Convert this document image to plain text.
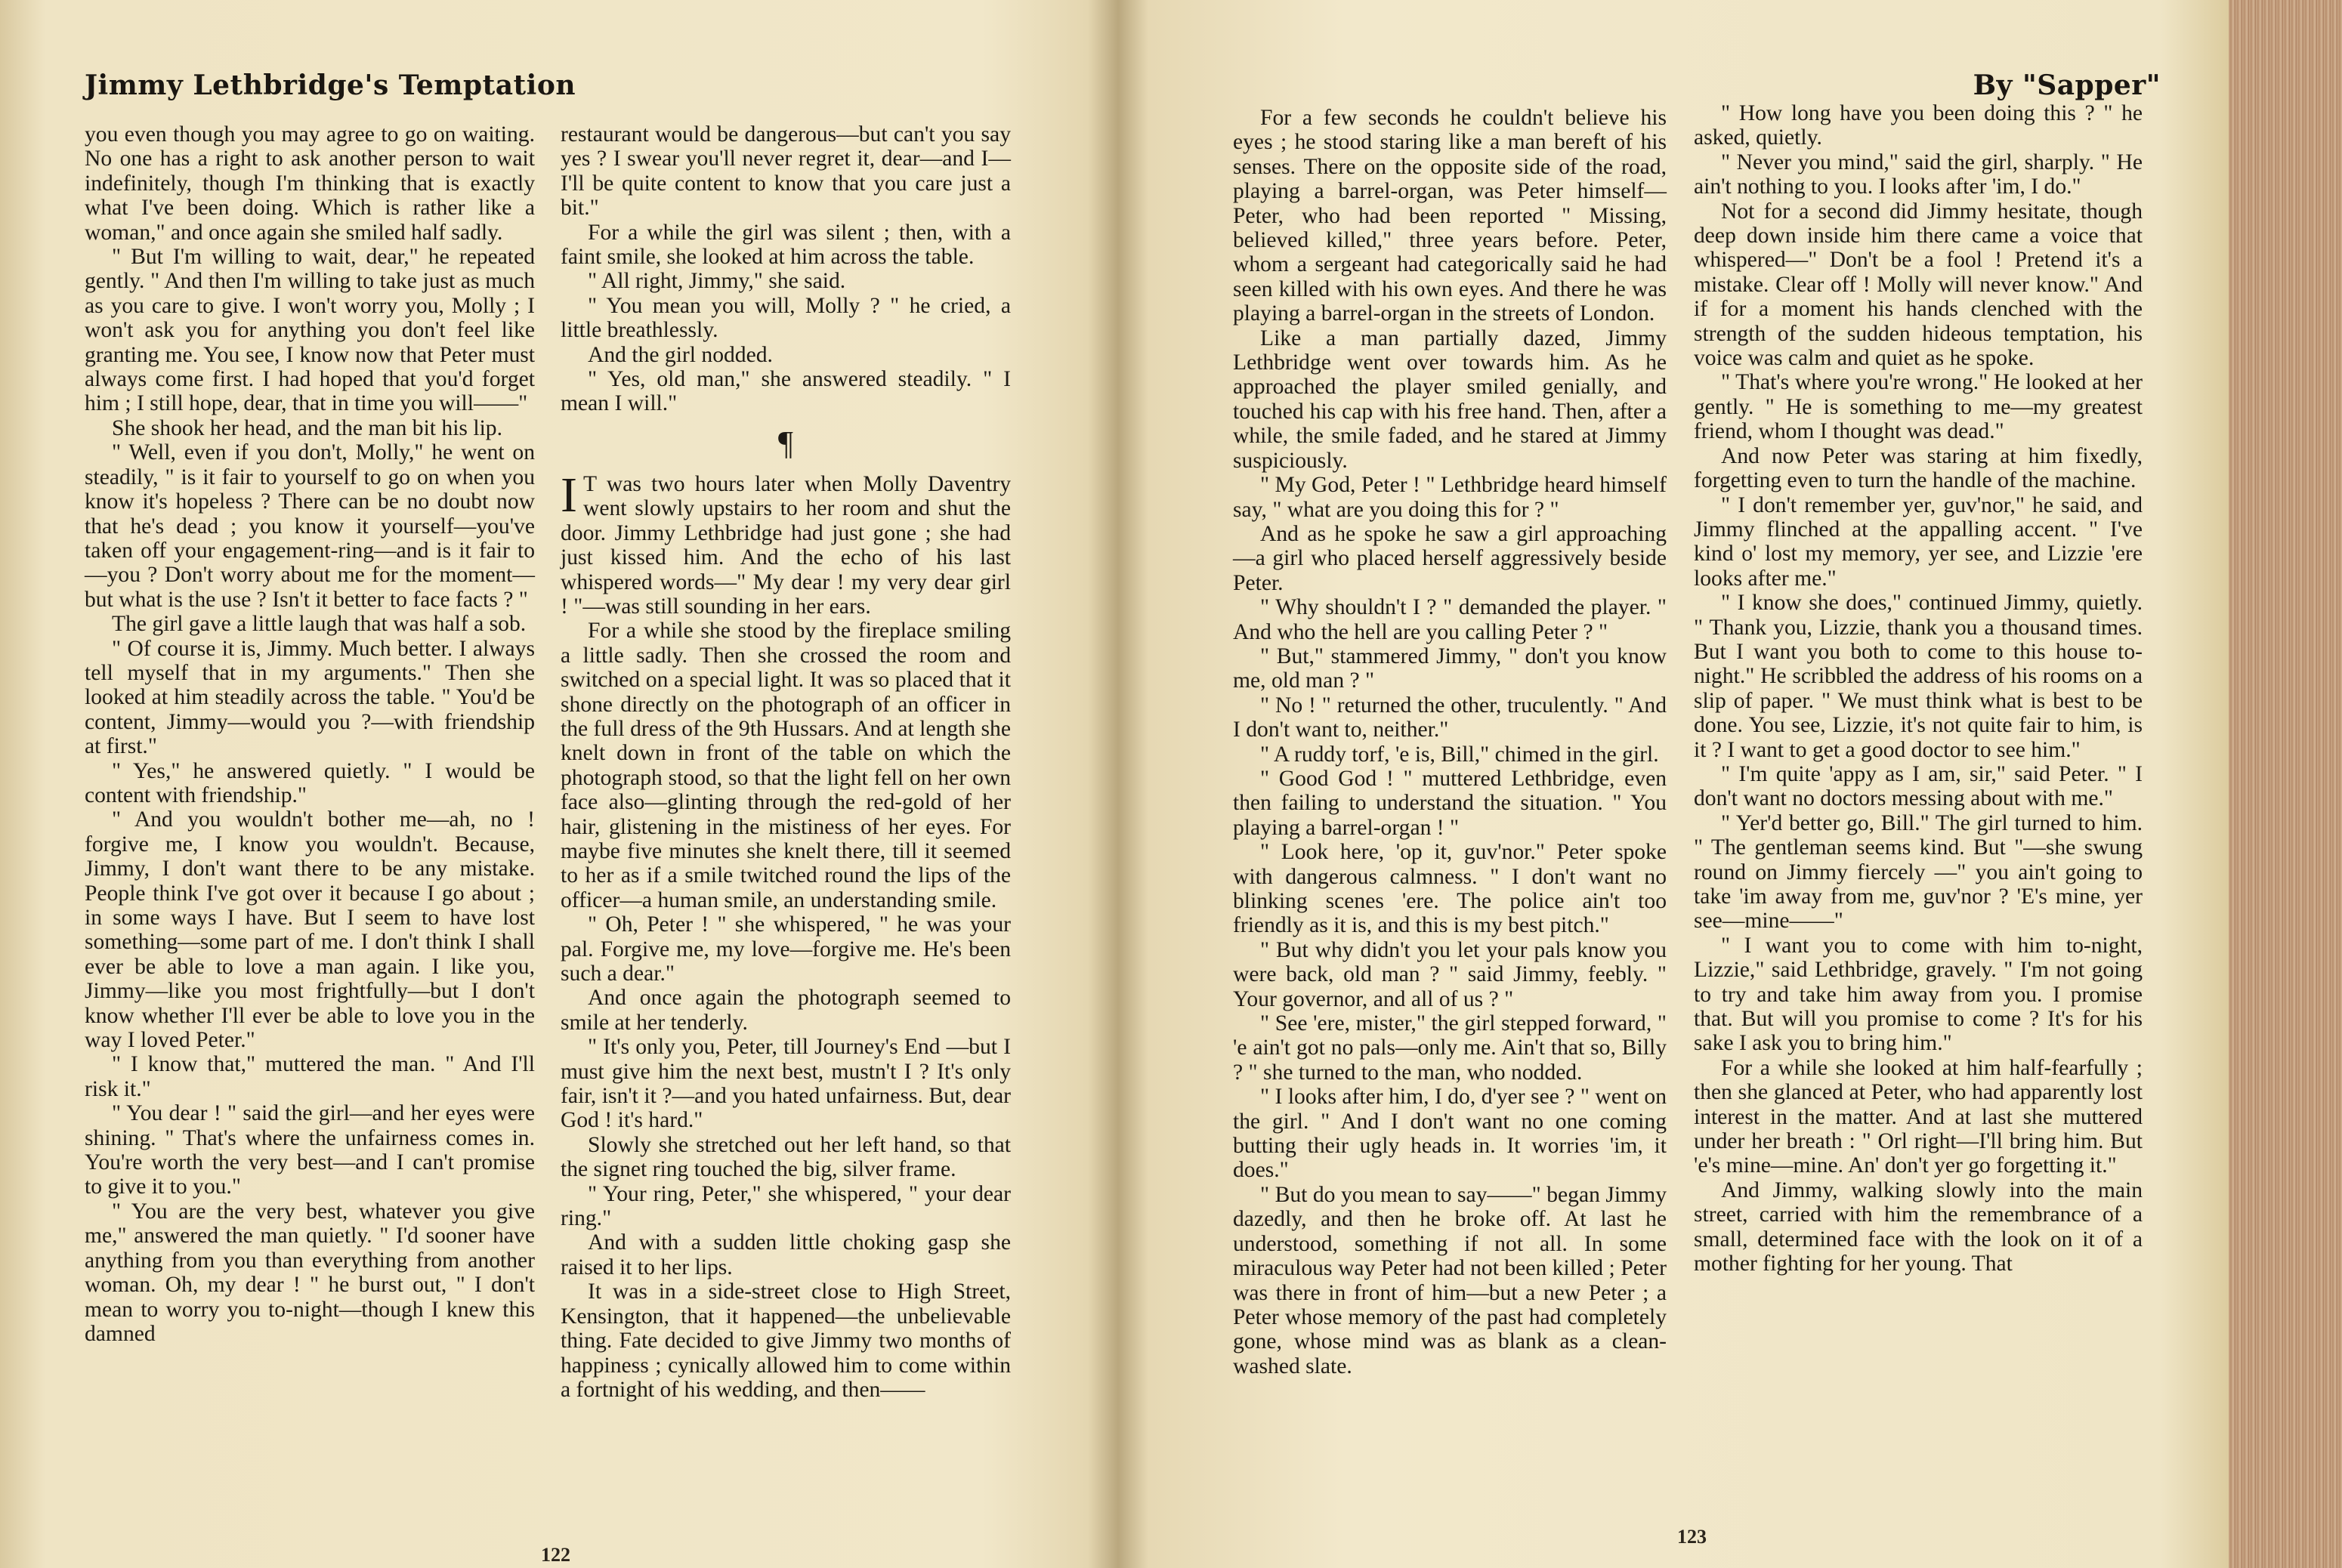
Jimmy Lethbridge's Temptation

you even though you may agree to go on waiting. No one has a right to ask another person to wait indefinitely, though I'm thinking that is exactly what I've been doing. Which is rather like a woman," and once again she smiled half sadly.

" But I'm willing to wait, dear," he repeated gently. " And then I'm willing to take just as much as you care to give. I won't worry you, Molly ; I won't ask you for anything you don't feel like granting me. You see, I know now that Peter must always come first. I had hoped that you'd forget him ; I still hope, dear, that in time you will——"

She shook her head, and the man bit his lip.

" Well, even if you don't, Molly," he went on steadily, " is it fair to yourself to go on when you know it's hopeless ? There can be no doubt now that he's dead ; you know it yourself—you've taken off your engagement-ring—and is it fair to—you ? Don't worry about me for the moment—but what is the use ? Isn't it better to face facts ? "

The girl gave a little laugh that was half a sob.

" Of course it is, Jimmy. Much better. I always tell myself that in my arguments." Then she looked at him steadily across the table. " You'd be content, Jimmy—would you ?—with friendship at first."

" Yes," he answered quietly. " I would be content with friendship."

" And you wouldn't bother me—ah, no ! forgive me, I know you wouldn't. Because, Jimmy, I don't want there to be any mistake. People think I've got over it because I go about ; in some ways I have. But I seem to have lost something—some part of me. I don't think I shall ever be able to love a man again. I like you, Jimmy—like you most frightfully—but I don't know whether I'll ever be able to love you in the way I loved Peter."

" I know that," muttered the man. " And I'll risk it."

" You dear ! " said the girl—and her eyes were shining. " That's where the unfairness comes in. You're worth the very best—and I can't promise to give it to you."

" You are the very best, whatever you give me," answered the man quietly. " I'd sooner have anything from you than everything from another woman. Oh, my dear ! " he burst out, " I don't mean to worry you to-night—though I knew this damned

restaurant would be dangerous—but can't you say yes ? I swear you'll never regret it, dear—and I—I'll be quite content to know that you care just a bit."

For a while the girl was silent ; then, with a faint smile, she looked at him across the table.

" All right, Jimmy," she said.

" You mean you will, Molly ? " he cried, a little breathlessly.

And the girl nodded.

" Yes, old man," she answered steadily. " I mean I will."

¶

I T was two hours later when Molly Daventry went slowly upstairs to her room and shut the door. Jimmy Lethbridge had just gone ; she had just kissed him. And the echo of his last whispered words—" My dear ! my very dear girl ! "—was still sounding in her ears.

For a while she stood by the fireplace smiling a little sadly. Then she crossed the room and switched on a special light. It was so placed that it shone directly on the photograph of an officer in the full dress of the 9th Hussars. And at length she knelt down in front of the table on which the photograph stood, so that the light fell on her own face also—glinting through the red-gold of her hair, glistening in the mistiness of her eyes. For maybe five minutes she knelt there, till it seemed to her as if a smile twitched round the lips of the officer—a human smile, an understanding smile.

" Oh, Peter ! " she whispered, " he was your pal. Forgive me, my love—forgive me. He's been such a dear."

And once again the photograph seemed to smile at her tenderly.

" It's only you, Peter, till Journey's End —but I must give him the next best, mustn't I ? It's only fair, isn't it ?—and you hated unfairness. But, dear God ! it's hard."

Slowly she stretched out her left hand, so that the signet ring touched the big, silver frame.

" Your ring, Peter," she whispered, " your dear ring."

And with a sudden little choking gasp she raised it to her lips.

It was in a side-street close to High Street, Kensington, that it happened—the unbelievable thing. Fate decided to give Jimmy two months of happiness ; cynically allowed him to come within a fortnight of his wedding, and then——

122
By "Sapper"

For a few seconds he couldn't believe his eyes ; he stood staring like a man bereft of his senses. There on the opposite side of the road, playing a barrel-organ, was Peter himself—Peter, who had been reported " Missing, believed killed," three years before. Peter, whom a sergeant had categorically said he had seen killed with his own eyes. And there he was playing a barrel-organ in the streets of London.

Like a man partially dazed, Jimmy Lethbridge went over towards him. As he approached the player smiled genially, and touched his cap with his free hand. Then, after a while, the smile faded, and he stared at Jimmy suspiciously.

" My God, Peter ! " Lethbridge heard himself say, " what are you doing this for ? "

And as he spoke he saw a girl approaching —a girl who placed herself aggressively beside Peter.

" Why shouldn't I ? " demanded the player. " And who the hell are you calling Peter ? "

" But," stammered Jimmy, " don't you know me, old man ? "

" No ! " returned the other, truculently. " And I don't want to, neither."

" A ruddy torf, 'e is, Bill," chimed in the girl.

" Good God ! " muttered Lethbridge, even then failing to understand the situation. " You playing a barrel-organ ! "

" Look here, 'op it, guv'nor." Peter spoke with dangerous calmness. " I don't want no blinking scenes 'ere. The police ain't too friendly as it is, and this is my best pitch."

" But why didn't you let your pals know you were back, old man ? " said Jimmy, feebly. " Your governor, and all of us ? "

" See 'ere, mister," the girl stepped forward, " 'e ain't got no pals—only me. Ain't that so, Billy ? " she turned to the man, who nodded.

" I looks after him, I do, d'yer see ? " went on the girl. " And I don't want no one coming butting their ugly heads in. It worries 'im, it does."

" But do you mean to say——" began Jimmy dazedly, and then he broke off. At last he understood, something if not all. In some miraculous way Peter had not been killed ; Peter was there in front of him—but a new Peter ; a Peter whose memory of the past had completely gone, whose mind was as blank as a clean-washed slate.

" How long have you been doing this ? " he asked, quietly.

" Never you mind," said the girl, sharply. " He ain't nothing to you. I looks after 'im, I do."

Not for a second did Jimmy hesitate, though deep down inside him there came a voice that whispered—" Don't be a fool ! Pretend it's a mistake. Clear off ! Molly will never know." And if for a moment his hands clenched with the strength of the sudden hideous temptation, his voice was calm and quiet as he spoke.

" That's where you're wrong." He looked at her gently. " He is something to me—my greatest friend, whom I thought was dead."

And now Peter was staring at him fixedly, forgetting even to turn the handle of the machine.

" I don't remember yer, guv'nor," he said, and Jimmy flinched at the appalling accent. " I've kind o' lost my memory, yer see, and Lizzie 'ere looks after me."

" I know she does," continued Jimmy, quietly. " Thank you, Lizzie, thank you a thousand times. But I want you both to come to this house to-night." He scribbled the address of his rooms on a slip of paper. " We must think what is best to be done. You see, Lizzie, it's not quite fair to him, is it ? I want to get a good doctor to see him."

" I'm quite 'appy as I am, sir," said Peter. " I don't want no doctors messing about with me."

" Yer'd better go, Bill." The girl turned to him. " The gentleman seems kind. But "—she swung round on Jimmy fiercely —" you ain't going to take 'im away from me, guv'nor ? 'E's mine, yer see—mine——"

" I want you to come with him to-night, Lizzie," said Lethbridge, gravely. " I'm not going to try and take him away from you. I promise that. But will you promise to come ? It's for his sake I ask you to bring him."

For a while she looked at him half-fearfully ; then she glanced at Peter, who had apparently lost interest in the matter. And at last she muttered under her breath : " Orl right—I'll bring him. But 'e's mine—mine. An' don't yer go forgetting it."

And Jimmy, walking slowly into the main street, carried with him the remembrance of a small, determined face with the look on it of a mother fighting for her young. That

123
